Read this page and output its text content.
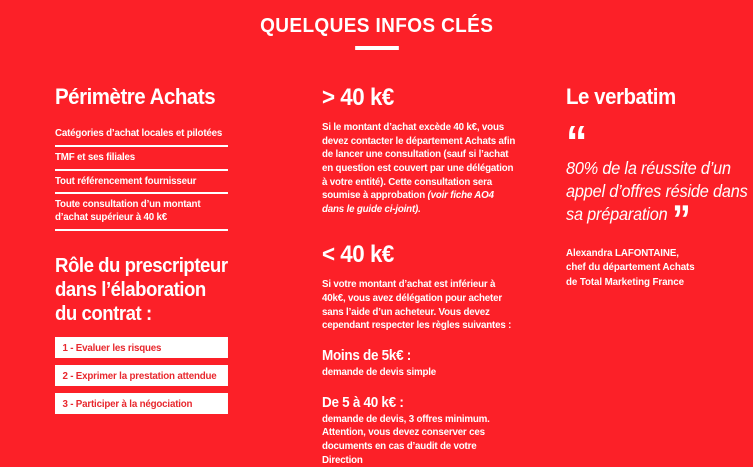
QUELQUES INFOS CLÉS
Périmètre Achats
Catégories d’achat locales et pilotées
TMF et ses filiales
Tout référencement fournisseur
Toute consultation d’un montant d’achat supérieur à 40 k€
Rôle du prescripteur
dans l’élaboration
du contrat :
1 - Evaluer les risques
2 - Exprimer la prestation attendue
3 - Participer à la négociation
> 40 k€

Si le montant d’achat excède 40 k€, vous devez contacter le département Achats afin de lancer une consultation (sauf si l’achat en question est couvert par une délégation à votre entité). Cette consultation sera soumise à approbation (voir fiche AO4 dans le guide ci-joint).

< 40 k€

Si votre montant d’achat est inférieur à 40k€, vous avez délégation pour acheter sans l’aide d’un acheteur. Vous devez cependant respecter les règles suivantes :

Moins de 5k€ :

demande de devis simple

De 5 à 40 k€ :

demande de devis, 3 offres minimum. Attention, vous devez conserver ces documents en cas d’audit de votre Direction

Le verbatim
“
80% de la réussite d’un appel d’offres réside dans sa préparation ”
Alexandra LAFONTAINE,
chef du département Achats
de Total Marketing France
